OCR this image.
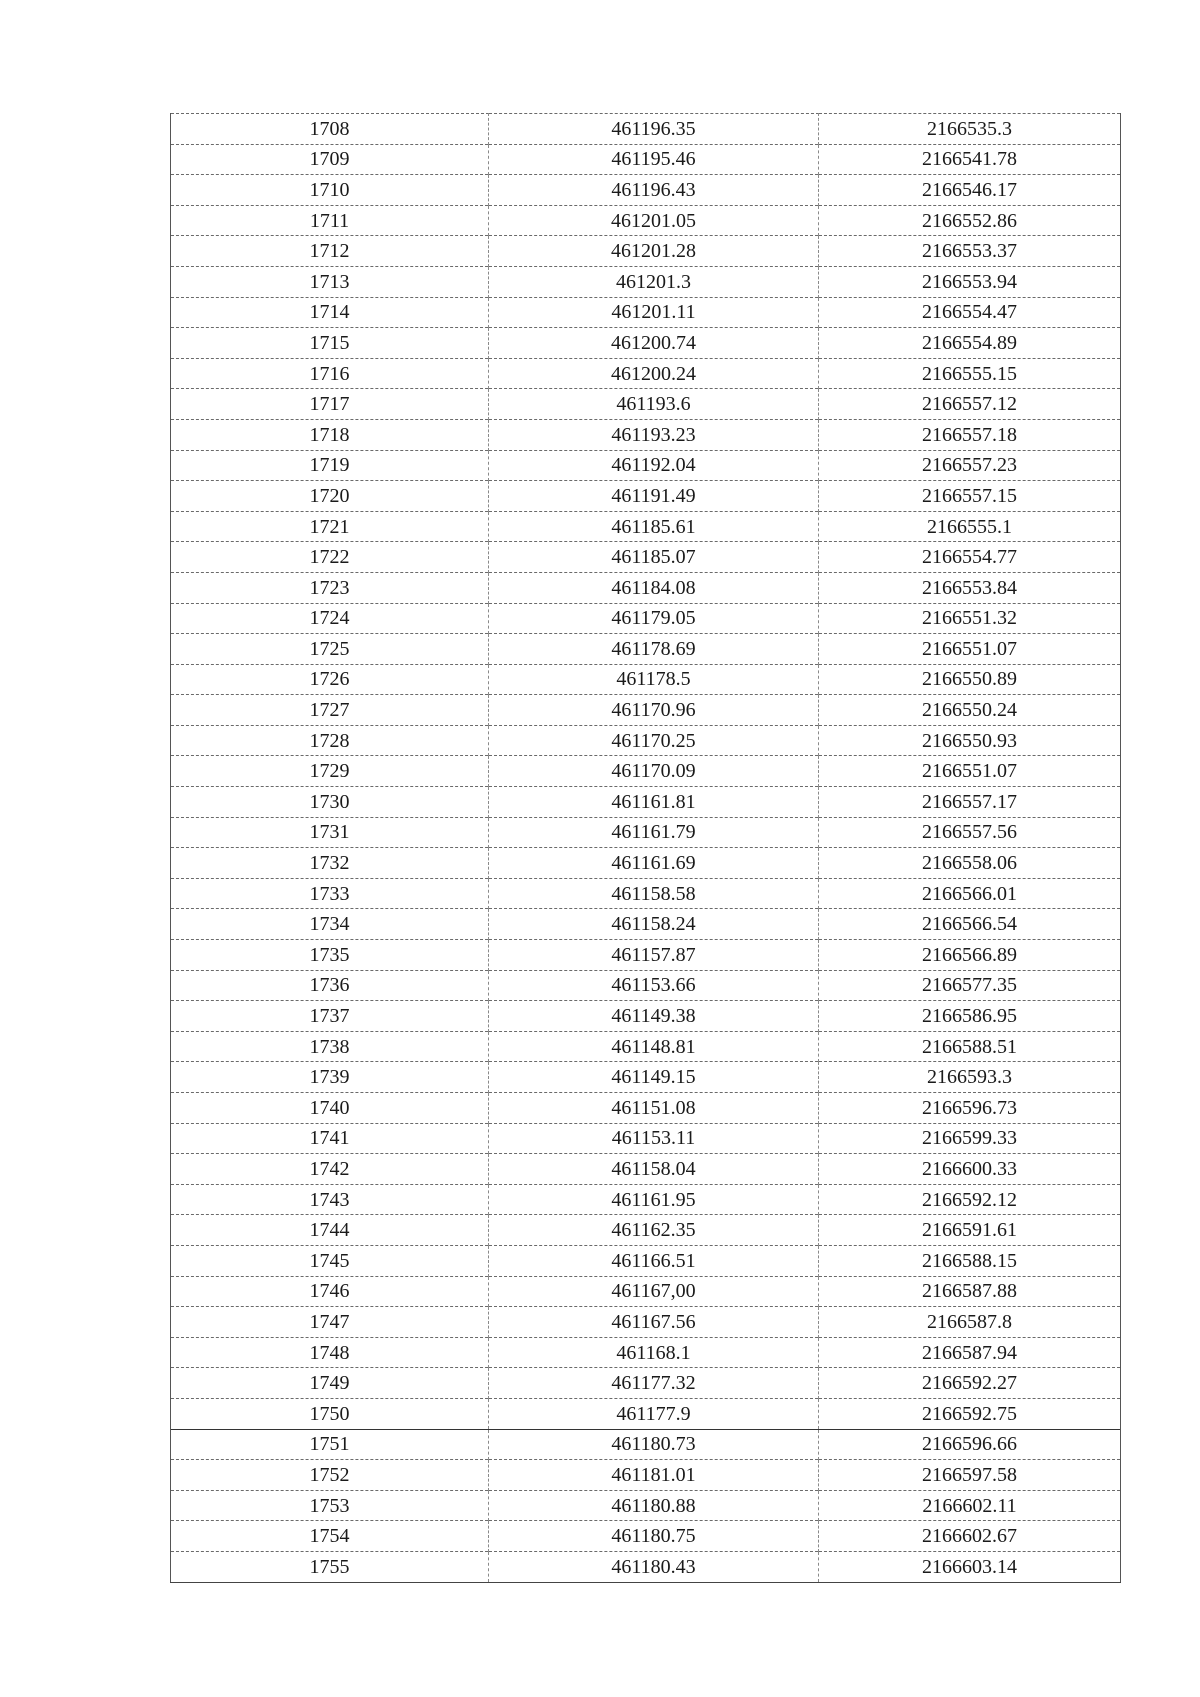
1708	461196.35	2166535.3
1709	461195.46	2166541.78
1710	461196.43	2166546.17
1711	461201.05	2166552.86
1712	461201.28	2166553.37
1713	461201.3	2166553.94
1714	461201.11	2166554.47
1715	461200.74	2166554.89
1716	461200.24	2166555.15
1717	461193.6	2166557.12
1718	461193.23	2166557.18
1719	461192.04	2166557.23
1720	461191.49	2166557.15
1721	461185.61	2166555.1
1722	461185.07	2166554.77
1723	461184.08	2166553.84
1724	461179.05	2166551.32
1725	461178.69	2166551.07
1726	461178.5	2166550.89
1727	461170.96	2166550.24
1728	461170.25	2166550.93
1729	461170.09	2166551.07
1730	461161.81	2166557.17
1731	461161.79	2166557.56
1732	461161.69	2166558.06
1733	461158.58	2166566.01
1734	461158.24	2166566.54
1735	461157.87	2166566.89
1736	461153.66	2166577.35
1737	461149.38	2166586.95
1738	461148.81	2166588.51
1739	461149.15	2166593.3
1740	461151.08	2166596.73
1741	461153.11	2166599.33
1742	461158.04	2166600.33
1743	461161.95	2166592.12
1744	461162.35	2166591.61
1745	461166.51	2166588.15
1746	461167,00	2166587.88
1747	461167.56	2166587.8
1748	461168.1	2166587.94
1749	461177.32	2166592.27
1750	461177.9	2166592.75
1751	461180.73	2166596.66
1752	461181.01	2166597.58
1753	461180.88	2166602.11
1754	461180.75	2166602.67
1755	461180.43	2166603.14
